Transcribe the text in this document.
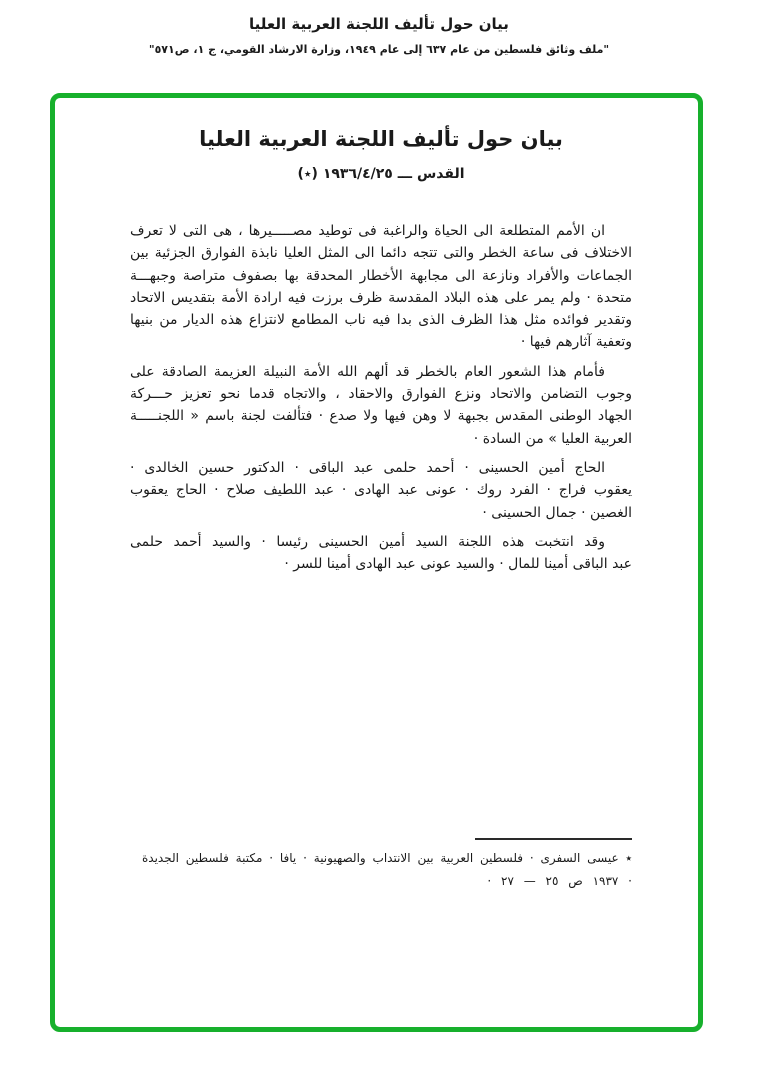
بيان حول تأليف اللجنة العربية العليا
"ملف وثائق فلسطين من عام ٦٣٧ إلى عام ١٩٤٩، وزارة الارشاد القومي، ج ١، ص٥٧١"
بيان حول تأليف اللجنة العربية العليا
القدس ـــ ١٩٣٦/٤/٢٥ (٭)
ان الأمم المتطلعة الى الحياة والراغبة فى توطيد مصـــــيرها ، هى التى لا تعرف
الاختلاف فى ساعة الخطر والتى تتجه دائما الى المثل العليا نابذة الفوارق الجزئية بين
الجماعات والأفراد ونازعة الى مجابهة الأخطار المحدقة بها بصفوف متراصة وجبهـــة
متحدة · ولم يمر على هذه البلاد المقدسة ظرف برزت فيه ارادة الأمة بتقديس الاتحاد
وتقدير فوائده مثل هذا الظرف الذى بدا فيه ناب المطامع لانتزاع هذه الديار من بنيها
وتعفية آثارهم فيها ·
فأمام هذا الشعور العام بالخطر قد ألهم الله الأمة النبيلة العزيمة الصادقة على
وجوب التضامن والاتحاد ونزع الفوارق والاحقاد ، والاتجاه قدما نحو تعزيز حـــركة
الجهاد الوطنى المقدس بجبهة لا وهن فيها ولا صدع · فتألفت لجنة باسم « اللجنـــــة
العربية العليا » من السادة ·
الحاج أمين الحسينى · أحمد حلمى عبد الباقى · الدكتور حسين الخالدى ·
يعقوب فراج · الفرد روك · عونى عبد الهادى · عبد اللطيف صلاح · الحاج يعقوب
الغصين · جمال الحسينى ·
وقد انتخبت هذه اللجنة السيد أمين الحسينى رئيسا · والسيد أحمد حلمى
عبد الباقى أمينا للمال · والسيد عونى عبد الهادى أمينا للسر ·
٭ عيسى السفرى · فلسطين العربية بين الانتداب والصهيونية · يافا · مكتبة فلسطين الجديدة
· ١٩٣٧ ص ٢٥ — ٢٧ ·
